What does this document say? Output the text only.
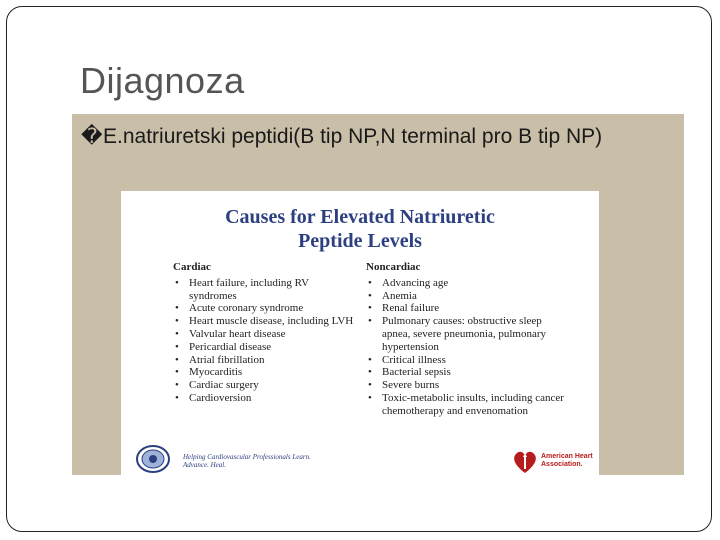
Dijagnoza
�E.natriuretski peptidi(B tip NP,N terminal pro B tip NP)
Causes for Elevated Natriuretic
Peptide Levels
Cardiac
• Heart failure, including RV syndromes
• Acute coronary syndrome
• Heart muscle disease, including LVH
• Valvular heart disease
• Pericardial disease
• Atrial fibrillation
• Myocarditis
• Cardiac surgery
• Cardioversion
Noncardiac
• Advancing age
• Anemia
• Renal failure
• Pulmonary causes: obstructive sleep apnea, severe pneumonia, pulmonary hypertension
• Critical illness
• Bacterial sepsis
• Severe burns
• Toxic-metabolic insults, including cancer chemotherapy and envenomation
Helping Cardiovascular Professionals Learn. Advance. Heal.
American Heart Association.
